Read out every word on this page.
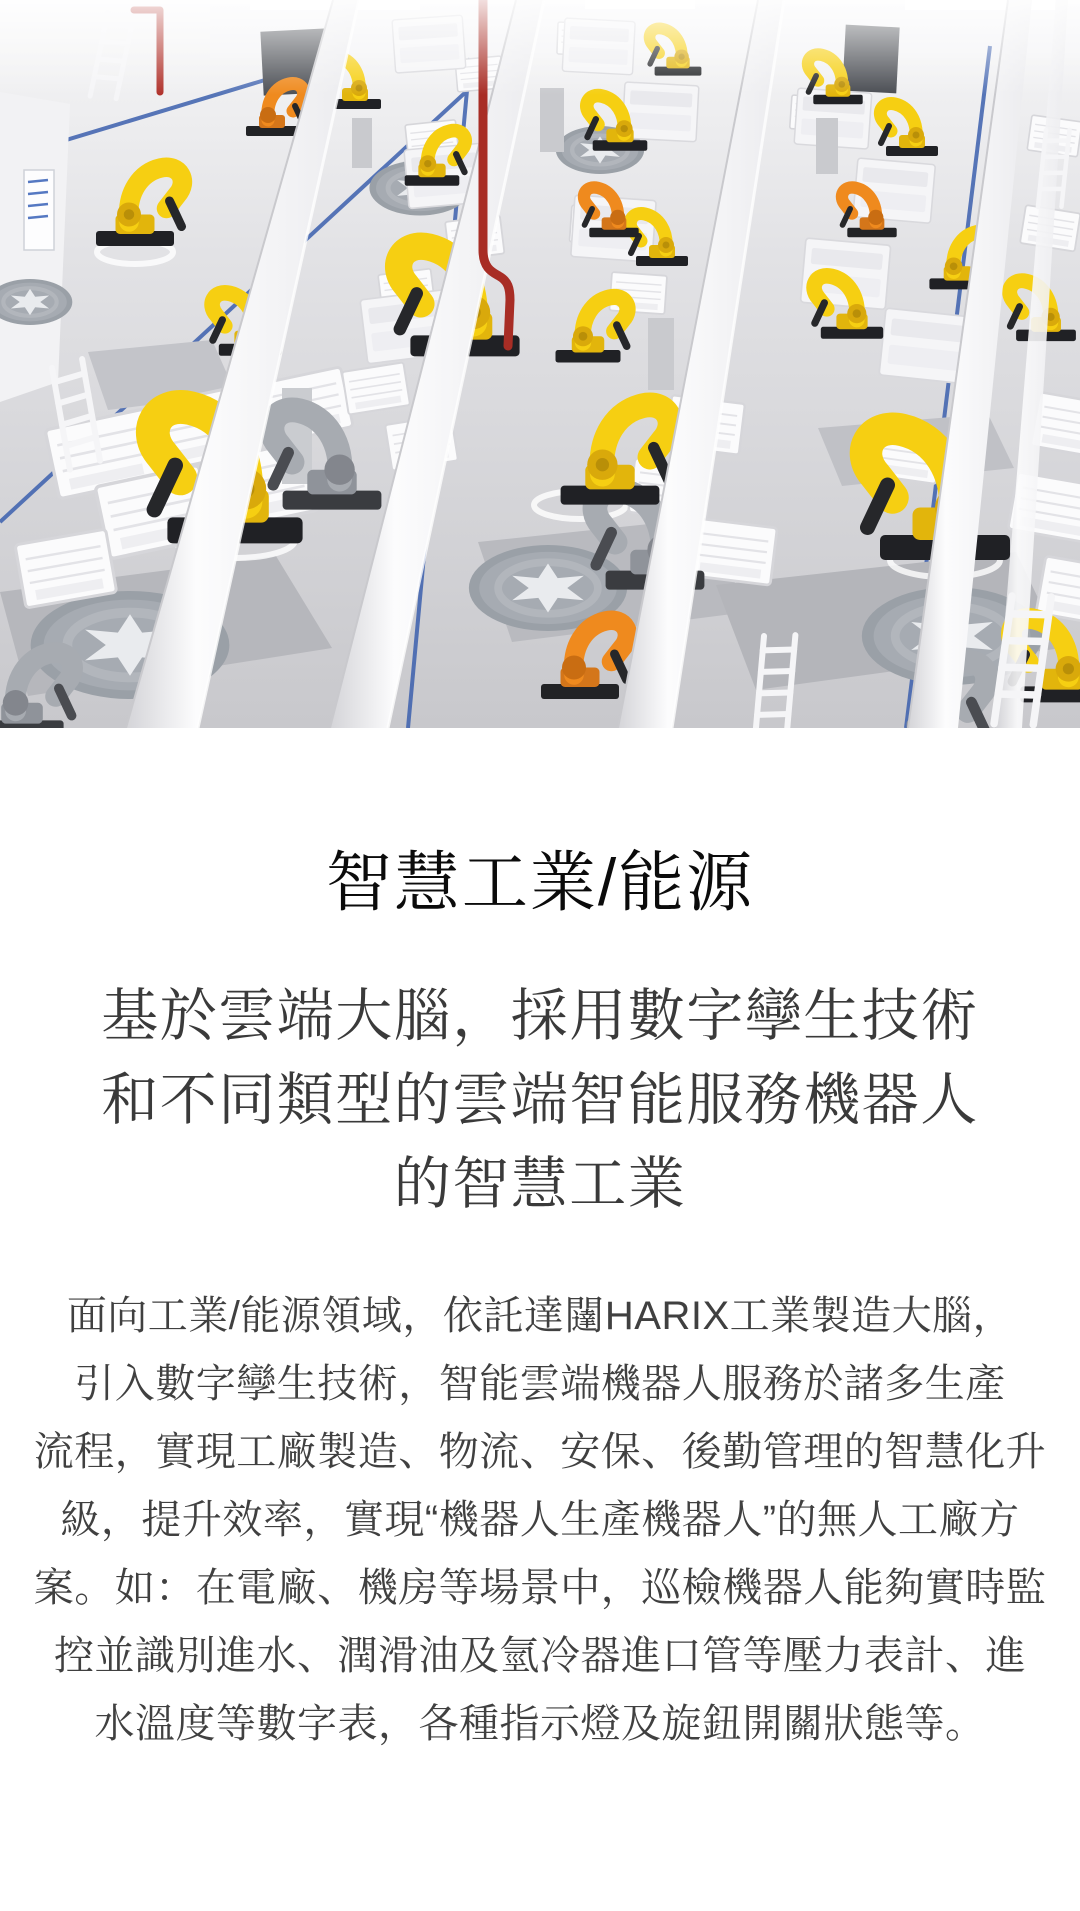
智慧工業/能源
基於雲端大腦，採用數字孿生技術
和不同類型的雲端智能服務機器人
的智慧工業
面向工業/能源領域，依託達闥HARIX工業製造大腦，
引入數字孿生技術，智能雲端機器人服務於諸多生產
流程，實現工廠製造、物流、安保、後勤管理的智慧化升
級，提升效率，實現“機器人生產機器人”的無人工廠方
案。如：在電廠、機房等場景中，巡檢機器人能夠實時監
控並識別進水、潤滑油及氫冷器進口管等壓力表計、進
水溫度等數字表，各種指示燈及旋鈕開關狀態等。
